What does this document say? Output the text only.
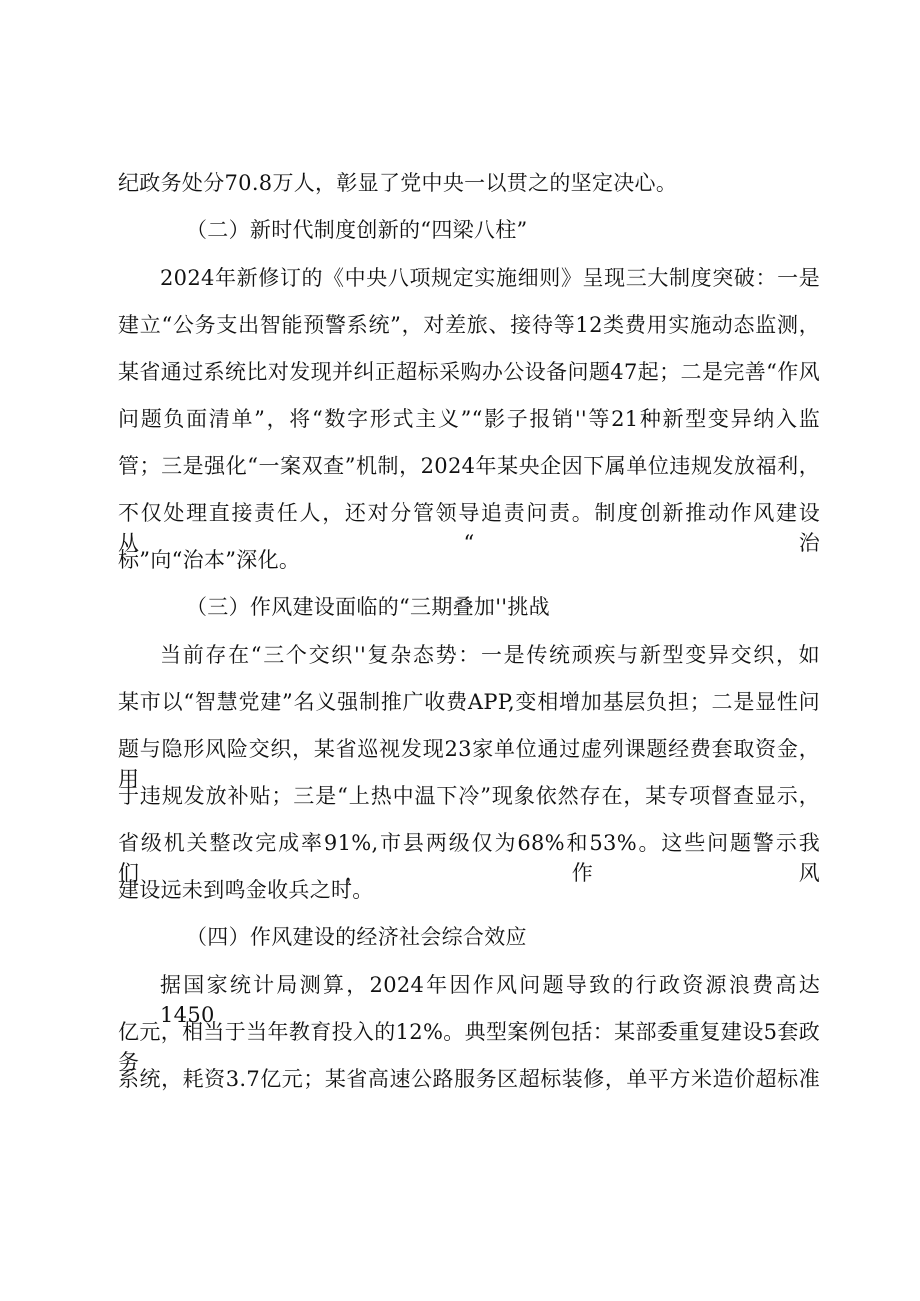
纪政务处分70.8万人，彰显了党中央一以贯之的坚定决心。
（二）新时代制度创新的“四梁八柱”
2024年新修订的《中央八项规定实施细则》呈现三大制度突破：一是
建立“公务支出智能预警系统”，对差旅、接待等12类费用实施动态监测，
某省通过系统比对发现并纠正超标采购办公设备问题47起；二是完善“作风
问题负面清单”，将“数字形式主义”“影子报销''等21种新型变异纳入监
管；三是强化“一案双查”机制，2024年某央企因下属单位违规发放福利，
不仅处理直接责任人，还对分管领导追责问责。制度创新推动作风建设从“治
标”向“治本”深化。
（三）作风建设面临的“三期叠加''挑战
当前存在“三个交织''复杂态势：一是传统顽疾与新型变异交织，如
某市以“智慧党建”名义强制推广收费APP,变相增加基层负担；二是显性问
题与隐形风险交织，某省巡视发现23家单位通过虚列课题经费套取资金，用
于违规发放补贴；三是“上热中温下冷”现象依然存在，某专项督查显示，
省级机关整改完成率91%,市县两级仅为68%和53%。这些问题警示我们，作风
建设远未到鸣金收兵之时。
（四）作风建设的经济社会综合效应
据国家统计局测算，2024年因作风问题导致的行政资源浪费高达1450
亿元，相当于当年教育投入的12%。典型案例包括：某部委重复建设5套政务
系统，耗资3.7亿元；某省高速公路服务区超标装修，单平方米造价超标准
